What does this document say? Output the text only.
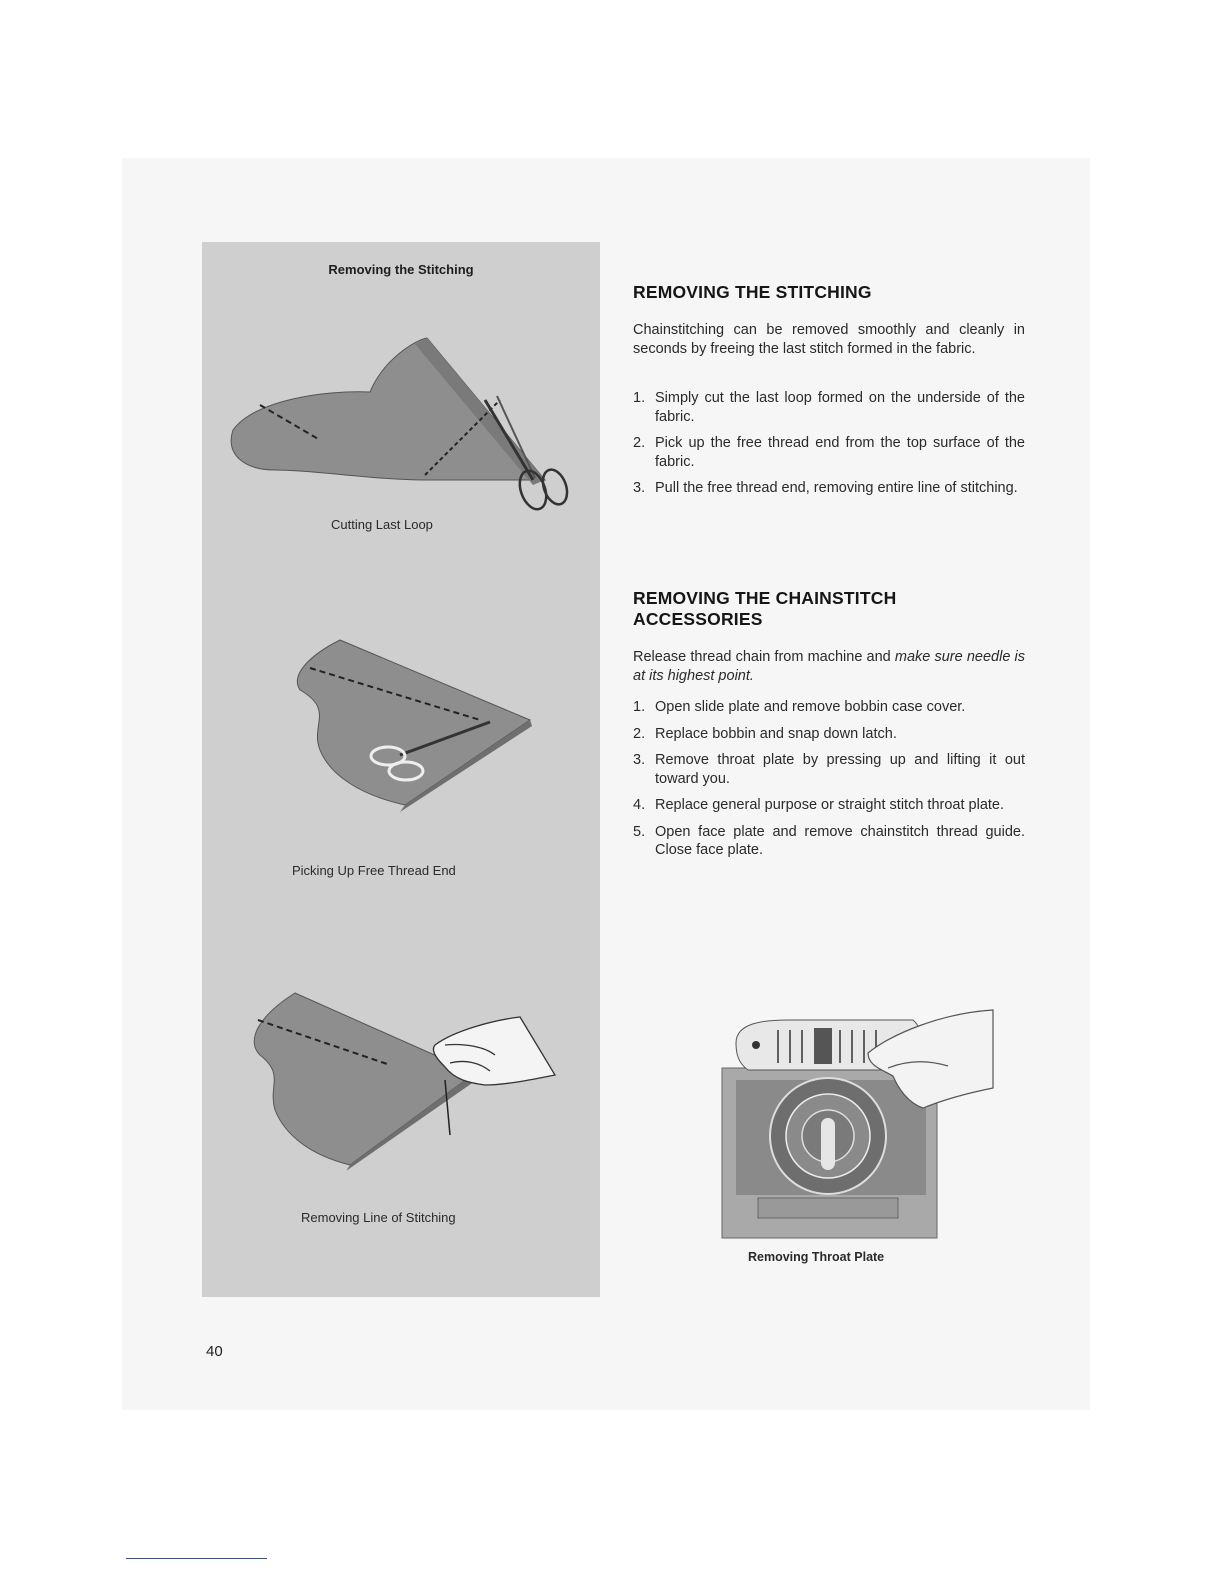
Removing the Stitching
Cutting Last Loop
Picking Up Free Thread End
Removing Line of Stitching
REMOVING THE STITCHING

Chainstitching can be removed smoothly and cleanly in seconds by freeing the last stitch formed in the fabric.

1. Simply cut the last loop formed on the underside of the fabric.
2. Pick up the free thread end from the top surface of the fabric.
3. Pull the free thread end, removing entire line of stitching.
REMOVING THE CHAINSTITCH
ACCESSORIES

Release thread chain from machine and make sure needle is at its highest point.

1. Open slide plate and remove bobbin case cover.
2. Replace bobbin and snap down latch.
3. Remove throat plate by pressing up and lifting it out toward you.
4. Replace general purpose or straight stitch throat plate.
5. Open face plate and remove chainstitch thread guide. Close face plate.
Removing Throat Plate
40
